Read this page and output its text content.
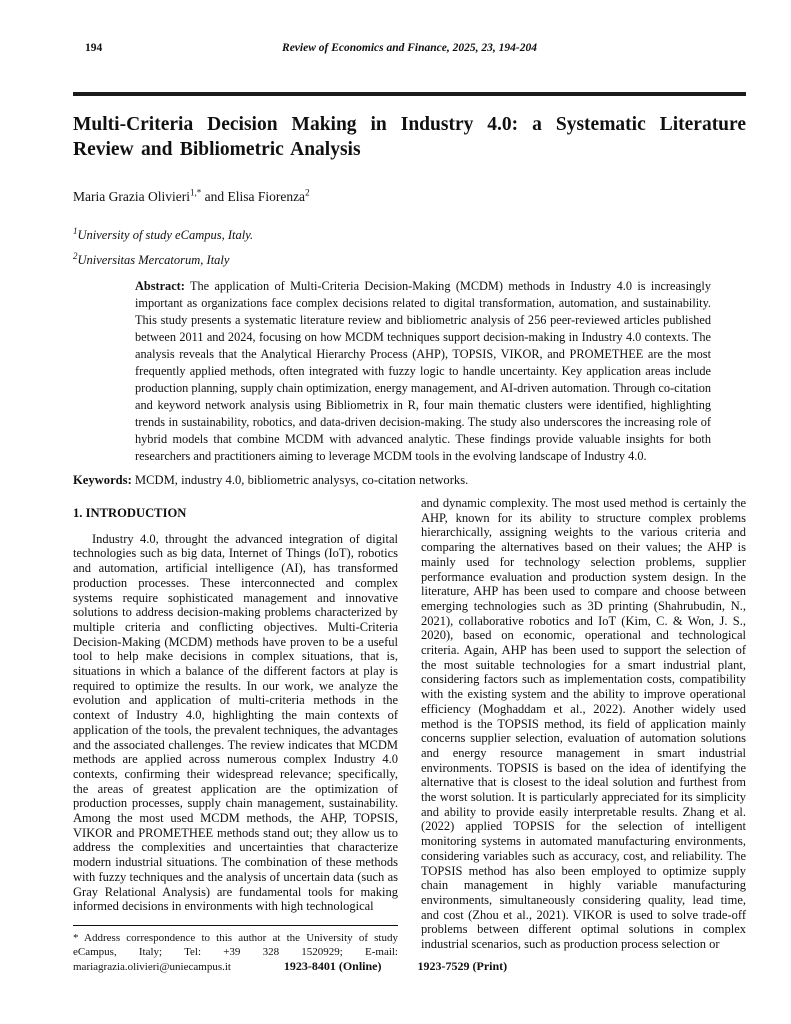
194	Review of Economics and Finance, 2025, 23, 194-204
Multi-Criteria Decision Making in Industry 4.0: a Systematic Literature Review and Bibliometric Analysis
Maria Grazia Olivieri$^{1,*}$ and Elisa Fiorenza$^2$

$^1$University of study eCampus, Italy.

$^2$Universitas Mercatorum, Italy

Abstract: The application of Multi-Criteria Decision-Making (MCDM) methods in Industry 4.0 is increasingly important as organizations face complex decisions related to digital transformation, automation, and sustainability. This study presents a systematic literature review and bibliometric analysis of 256 peer-reviewed articles published between 2011 and 2024, focusing on how MCDM techniques support decision-making in Industry 4.0 contexts. The analysis reveals that the Analytical Hierarchy Process (AHP), TOPSIS, VIKOR, and PROMETHEE are the most frequently applied methods, often integrated with fuzzy logic to handle uncertainty. Key application areas include production planning, supply chain optimization, energy management, and AI-driven automation. Through co-citation and keyword network analysis using Bibliometrix in R, four main thematic clusters were identified, highlighting trends in sustainability, robotics, and data-driven decision-making. The study also underscores the increasing role of hybrid models that combine MCDM with advanced analytic. These findings provide valuable insights for both researchers and practitioners aiming to leverage MCDM tools in the evolving landscape of Industry 4.0.
Keywords: MCDM, industry 4.0, bibliometric analysys, co-citation networks.
1. INTRODUCTION

Industry 4.0, throught the advanced integration of digital technologies such as big data, Internet of Things (IoT), robotics and automation, artificial intelligence (AI), has transformed production processes. These interconnected and complex systems require sophisticated management and innovative solutions to address decision-making problems characterized by multiple criteria and conflicting objectives. Multi-Criteria Decision-Making (MCDM) methods have proven to be a useful tool to help make decisions in complex situations, that is, situations in which a balance of the different factors at play is required to optimize the results. In our work, we analyze the evolution and application of multi-criteria methods in the context of Industry 4.0, highlighting the main contexts of application of the tools, the prevalent techniques, the advantages and the associated challenges. The review indicates that MCDM methods are applied across numerous complex Industry 4.0 contexts, confirming their widespread relevance; specifically, the areas of greatest application are the optimization of production processes, supply chain management, sustainability. Among the most used MCDM methods, the AHP, TOPSIS, VIKOR and PROMETHEE methods stand out; they allow us to address the complexities and uncertainties that characterize modern industrial situations. The combination of these methods with fuzzy techniques and the analysis of uncertain data (such as Gray Relational Analysis) are fundamental tools for making informed decisions in environments with high technological

* Address correspondence to this author at the University of study eCampus, Italy; Tel: +39 328 1520929; E-mail: mariagrazia.olivieri@uniecampus.it

and dynamic complexity. The most used method is certainly the AHP, known for its ability to structure complex problems hierarchically, assigning weights to the various criteria and comparing the alternatives based on their values; the AHP is mainly used for technology selection problems, supplier performance evaluation and production system design. In the literature, AHP has been used to compare and choose between emerging technologies such as 3D printing (Shahrubudin, N., 2021), collaborative robotics and IoT (Kim, C. & Won, J. S., 2020), based on economic, operational and technological criteria. Again, AHP has been used to support the selection of the most suitable technologies for a smart industrial plant, considering factors such as implementation costs, compatibility with the existing system and the ability to improve operational efficiency (Moghaddam et al., 2022). Another widely used method is the TOPSIS method, its field of application mainly concerns supplier selection, evaluation of automation solutions and energy resource management in smart industrial environments. TOPSIS is based on the idea of identifying the alternative that is closest to the ideal solution and furthest from the worst solution. It is particularly appreciated for its simplicity and ability to provide easily interpretable results. Zhang et al. (2022) applied TOPSIS for the selection of intelligent monitoring systems in automated manufacturing environments, considering variables such as accuracy, cost, and reliability. The TOPSIS method has also been employed to optimize supply chain management in highly variable manufacturing environments, simultaneously considering quality, lead time, and cost (Zhou et al., 2021). VIKOR is used to solve trade-off problems between different optimal solutions in complex industrial scenarios, such as production process selection or

1923-8401 (Online)	1923-7529 (Print)
